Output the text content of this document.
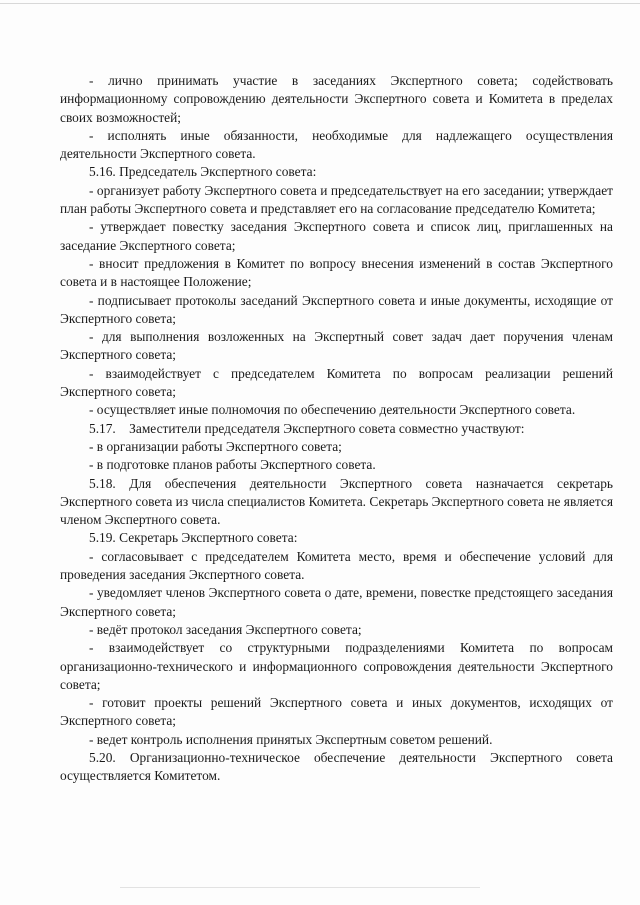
- лично принимать участие в заседаниях Экспертного совета; содействовать информационному сопровождению деятельности Экспертного совета и Комитета в пределах своих возможностей;

- исполнять иные обязанности, необходимые для надлежащего осуществления деятельности Экспертного совета.

5.16. Председатель Экспертного совета:

- организует работу Экспертного совета и председательствует на его заседании; утверждает план работы Экспертного совета и представляет его на согласование председателю Комитета;

- утверждает повестку заседания Экспертного совета и список лиц, приглашенных на заседание Экспертного совета;

- вносит предложения в Комитет по вопросу внесения изменений в состав Экспертного совета и в настоящее Положение;

- подписывает протоколы заседаний Экспертного совета и иные документы, исходящие от Экспертного совета;

- для выполнения возложенных на Экспертный совет задач дает поручения членам Экспертного совета;

- взаимодействует с председателем Комитета по вопросам реализации решений Экспертного совета;

- осуществляет иные полномочия по обеспечению деятельности Экспертного совета.

5.17.    Заместители председателя Экспертного совета совместно участвуют:

- в организации работы Экспертного совета;

- в подготовке планов работы Экспертного совета.

5.18. Для обеспечения деятельности Экспертного совета назначается секретарь Экспертного совета из числа специалистов Комитета. Секретарь Экспертного совета не является членом Экспертного совета.

5.19. Секретарь Экспертного совета:

- согласовывает с председателем Комитета место, время и обеспечение условий для проведения заседания Экспертного совета.

- уведомляет членов Экспертного совета о дате, времени, повестке предстоящего заседания Экспертного совета;

- ведёт протокол заседания Экспертного совета;

- взаимодействует со структурными подразделениями Комитета по вопросам организационно-технического и информационного сопровождения деятельности Экспертного совета;

- готовит проекты решений Экспертного совета и иных документов, исходящих от Экспертного совета;

- ведет контроль исполнения принятых Экспертным советом решений.

5.20. Организационно-техническое обеспечение деятельности Экспертного совета осуществляется Комитетом.
